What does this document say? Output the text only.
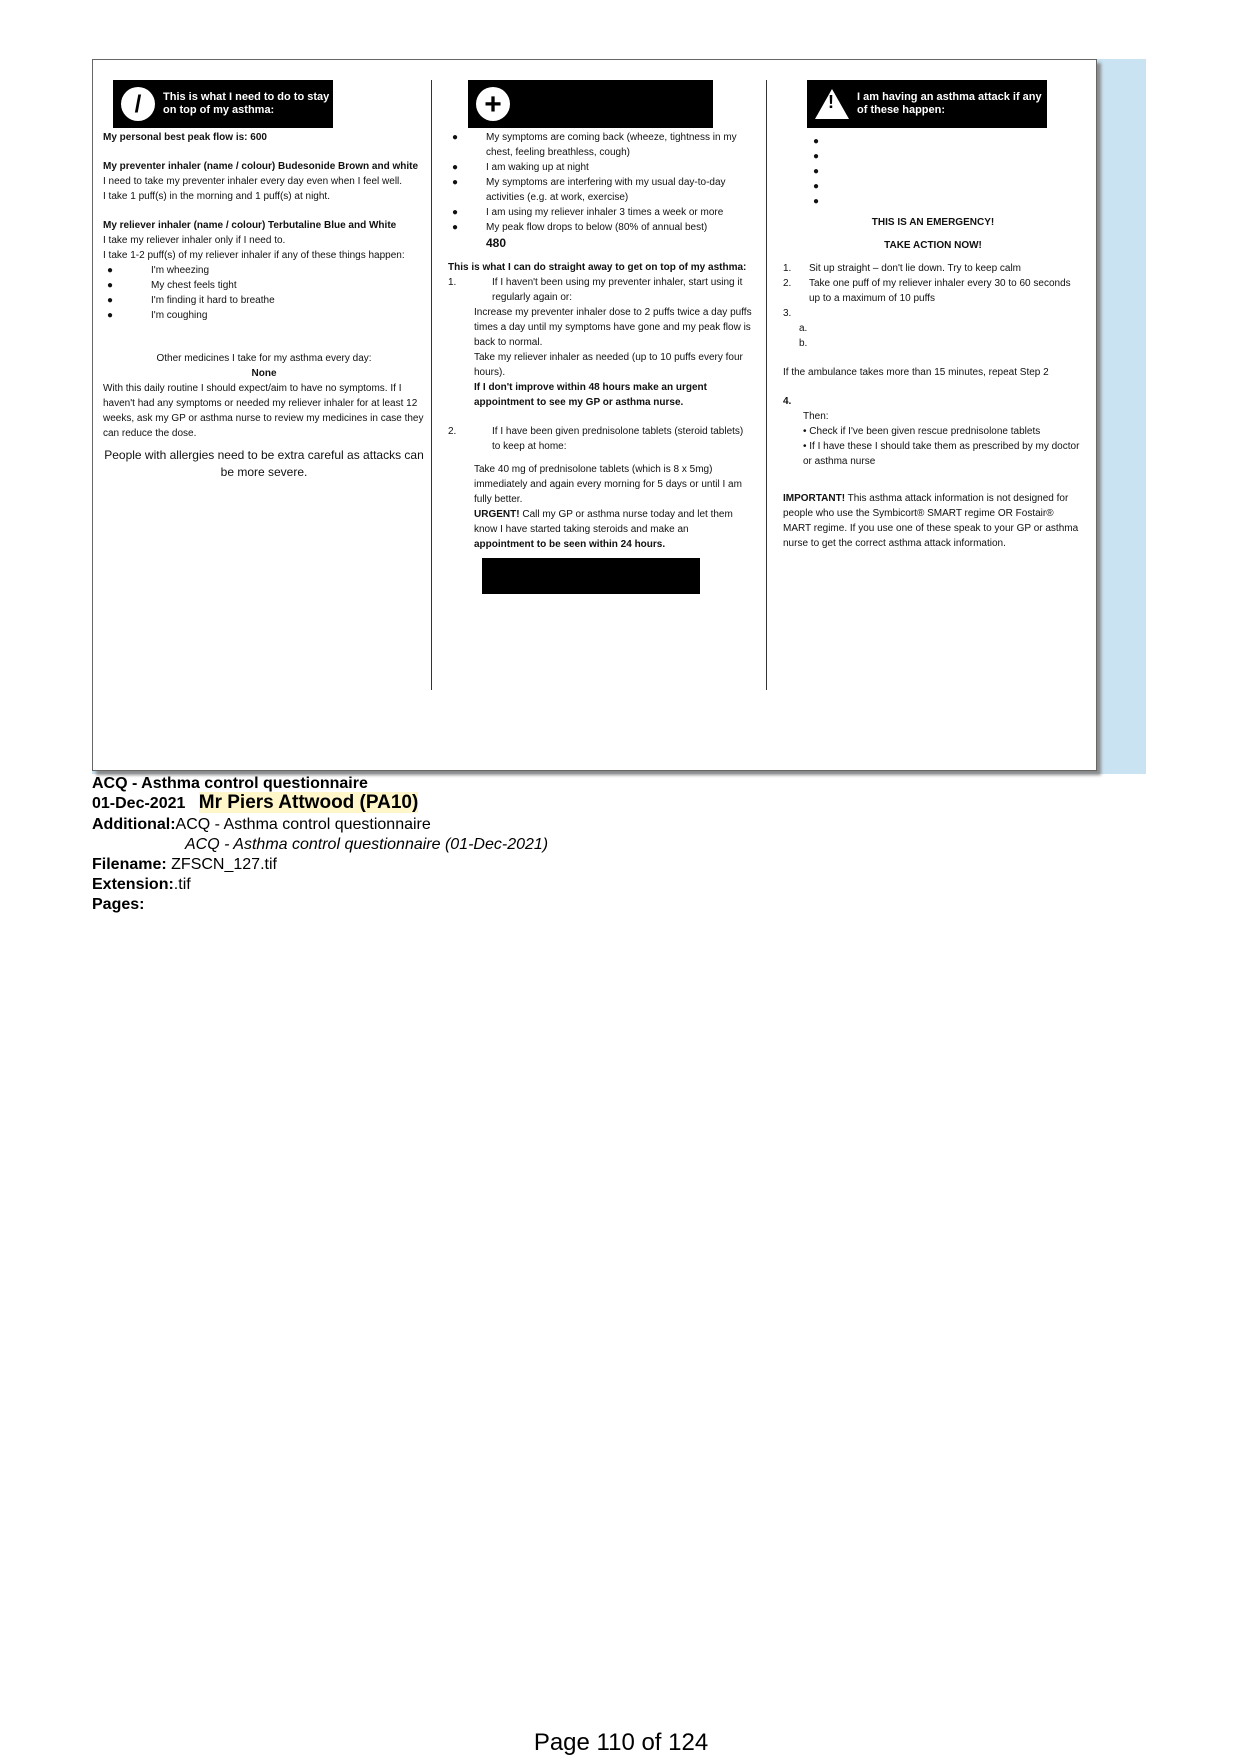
/	This is what I need to do to stay on top of my asthma:
My personal best peak flow is: 600
My preventer inhaler (name / colour) Budesonide Brown and white
I need to take my preventer inhaler every day even when I feel well.
I take 1 puff(s) in the morning and 1 puff(s) at night.
My reliever inhaler (name / colour) Terbutaline Blue and White
I take my reliever inhaler only if I need to.
I take 1-2 puff(s) of my reliever inhaler if any of these things happen:
●	I'm wheezing
●	My chest feels tight
●	I'm finding it hard to breathe
●	I'm coughing
Other medicines I take for my asthma every day:
None
With this daily routine I should expect/aim to have no symptoms. If I haven't had any symptoms or needed my reliever inhaler for at least 12 weeks, ask my GP or asthma nurse to review my medicines in case they can reduce the dose.
People with allergies need to be extra careful as attacks can be more severe.
+
●	My symptoms are coming back (wheeze, tightness in my chest, feeling breathless, cough)
●	I am waking up at night
●	My symptoms are interfering with my usual day-to-day activities (e.g. at work, exercise)
●	I am using my reliever inhaler 3 times a week or more
●	My peak flow drops to below (80% of annual best)
480
This is what I can do straight away to get on top of my asthma:
1.	If I haven't been using my preventer inhaler, start using it regularly again or:
Increase my preventer inhaler dose to 2 puffs twice a day puffs times a day until my symptoms have gone and my peak flow is back to normal.
Take my reliever inhaler as needed (up to 10 puffs every four hours).
If I don't improve within 48 hours make an urgent appointment to see my GP or asthma nurse.
2.	If I have been given prednisolone tablets (steroid tablets) to keep at home:
Take 40 mg of prednisolone tablets (which is 8 x 5mg) immediately and again every morning for 5 days or until I am fully better.
URGENT! Call my GP or asthma nurse today and let them know I have started taking steroids and make an
appointment to be seen within 24 hours.
! I am having an asthma attack if any of these happen:
●
●
●
●
●
THIS IS AN EMERGENCY!
TAKE ACTION NOW!
1.	Sit up straight – don't lie down. Try to keep calm
2.	Take one puff of my reliever inhaler every 30 to 60 seconds up to a maximum of 10 puffs
3.
a.
b.
If the ambulance takes more than 15 minutes, repeat Step 2
4.
Then:
• Check if I've been given rescue prednisolone tablets
• If I have these I should take them as prescribed by my doctor or asthma nurse
IMPORTANT! This asthma attack information is not designed for people who use the Symbicort® SMART regime OR Fostair® MART regime. If you use one of these speak to your GP or asthma nurse to get the correct asthma attack information.
ACQ - Asthma control questionnaire
01-Dec-2021 Mr Piers Attwood (PA10)
Additional:ACQ - Asthma control questionnaire
ACQ - Asthma control questionnaire (01-Dec-2021)
Filename: ZFSCN_127.tif
Extension:.tif
Pages:
Page 110 of 124
